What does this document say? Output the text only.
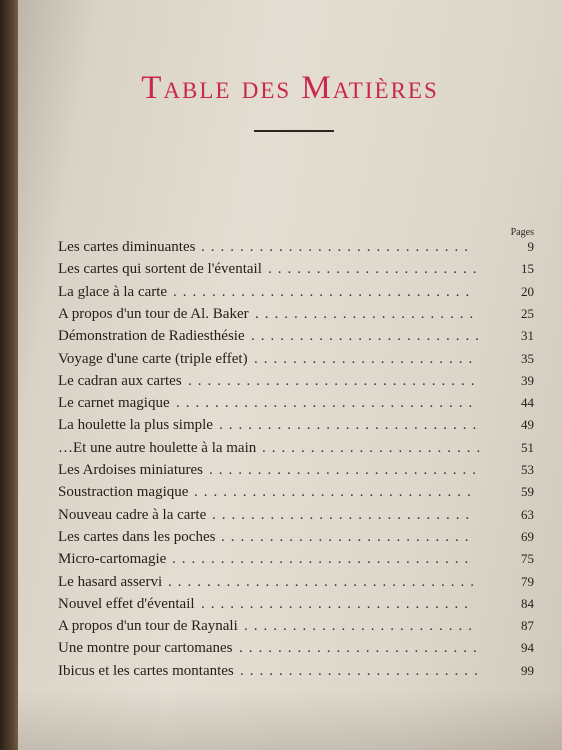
Table des Matières
Pages
Les cartes diminuantes ............................	9
Les cartes qui sortent de l'éventail ......................	15
La glace à la carte ...............................	20
A propos d'un tour de Al. Baker .......................	25
Démonstration de Radiesthésie ........................	31
Voyage d'une carte (triple effet) .......................	35
Le cadran aux cartes ..............................	39
Le carnet magique ...............................	44
La houlette la plus simple ...........................	49
…Et une autre houlette à la main .......................	51
Les Ardoises miniatures ............................	53
Soustraction magique .............................	59
Nouveau cadre à la carte ...........................	63
Les cartes dans les poches ..........................	69
Micro-cartomagie ...............................	75
Le hasard asservi ................................	79
Nouvel effet d'éventail ............................	84
A propos d'un tour de Raynali ........................	87
Une montre pour cartomanes .........................	94
Ibicus et les cartes montantes .........................	99
